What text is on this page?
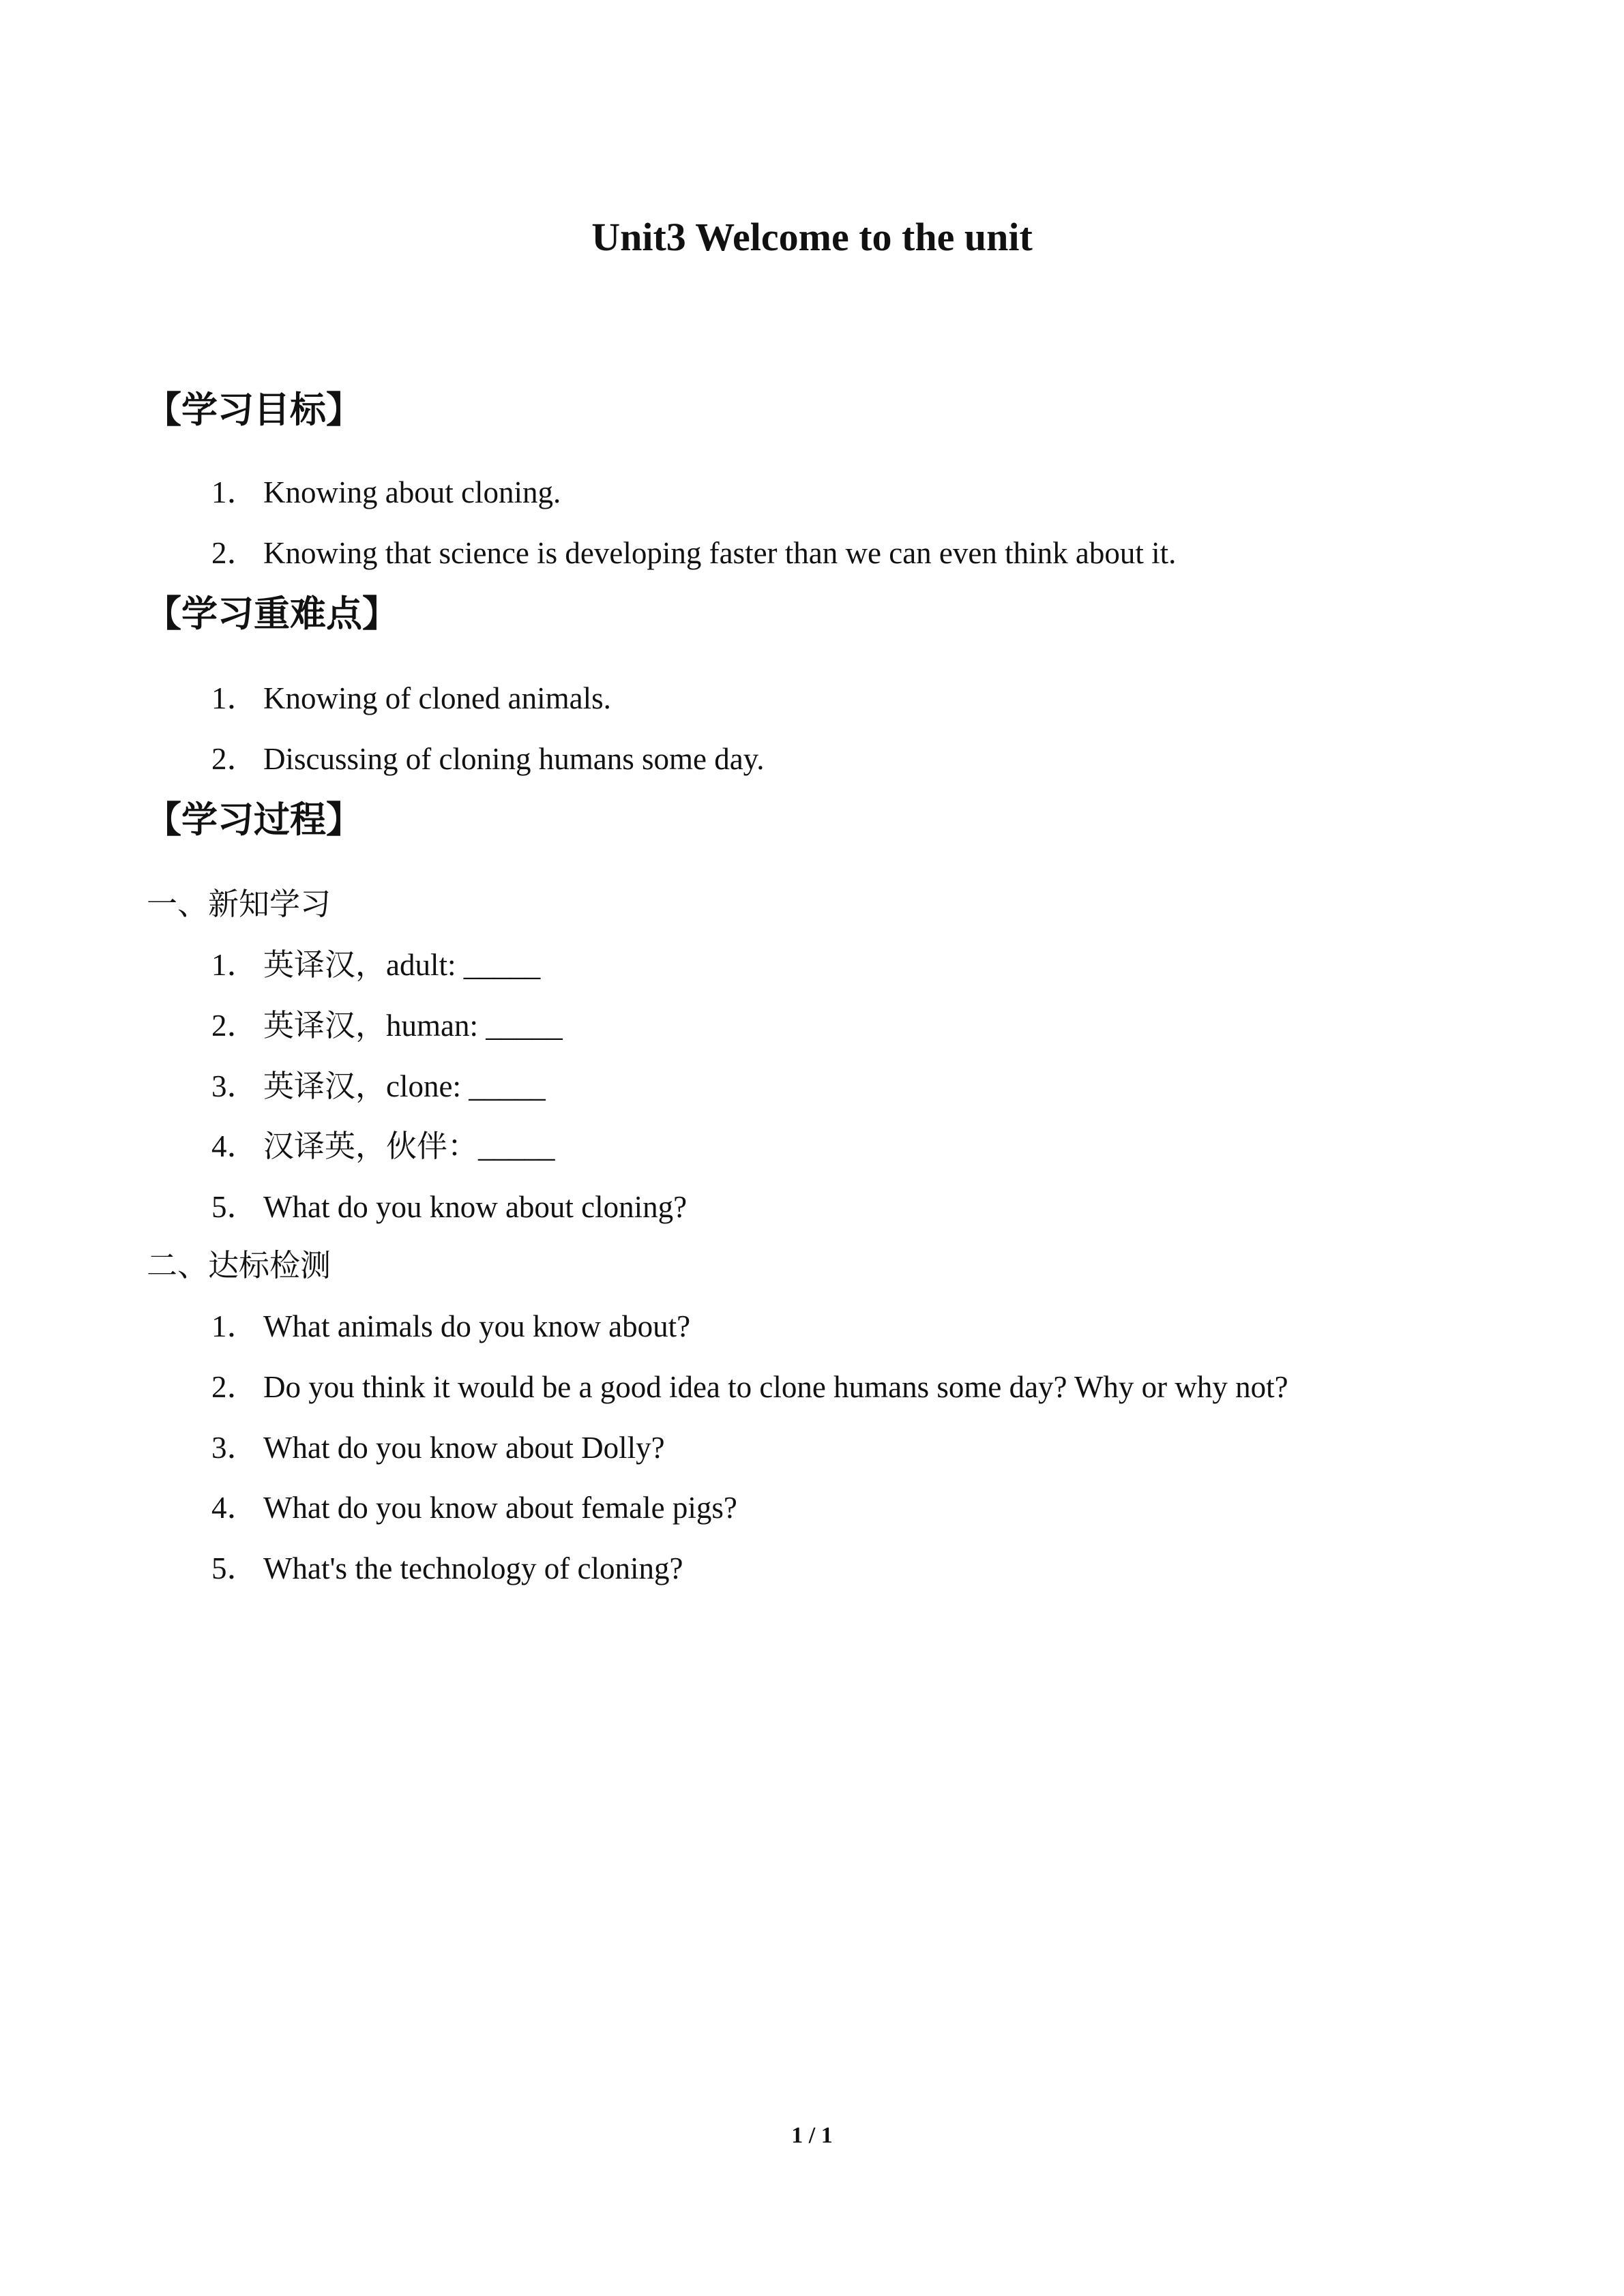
Unit3 Welcome to the unit
【学习目标】
1． Knowing about cloning.
2． Knowing that science is developing faster than we can even think about it.
【学习重难点】
1． Knowing of cloned animals.
2． Discussing of cloning humans some day.
【学习过程】
一、新知学习
1． 英译汉，adult: _____
2． 英译汉，human: _____
3． 英译汉，clone: _____
4． 汉译英，伙伴：_____
5． What do you know about cloning?
二、达标检测
1． What animals do you know about?
2． Do you think it would be a good idea to clone humans some day? Why or why not?
3． What do you know about Dolly?
4． What do you know about female pigs?
5． What's the technology of cloning?
1 / 1
